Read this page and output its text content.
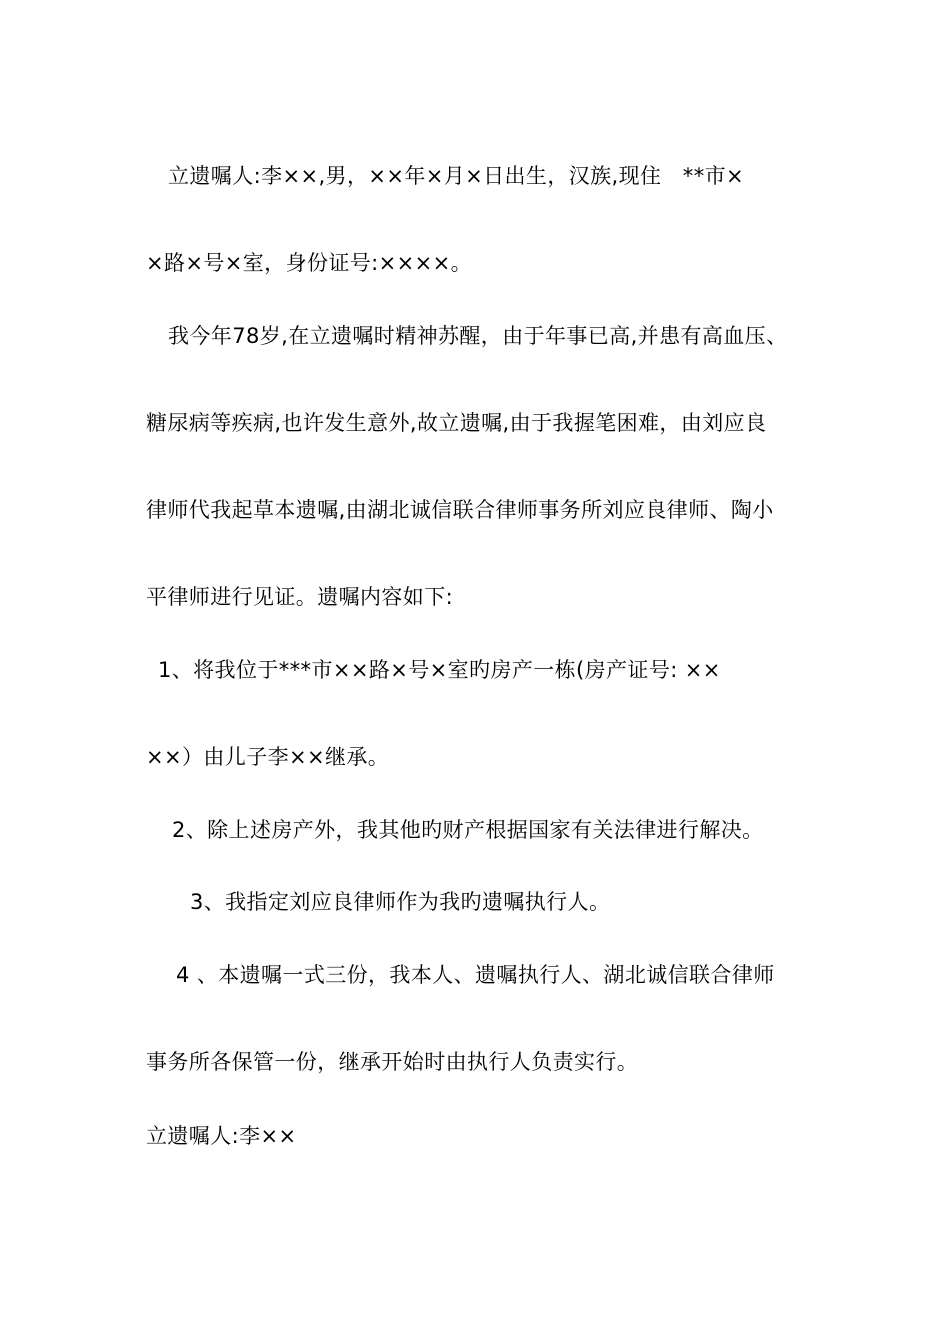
立遗嘱人:李××,男，××年×月×日出生，汉族,现住　**市×
×路×号×室，身份证号:××××。
我今年78岁,在立遗嘱时精神苏醒，由于年事已高,并患有高血压、
糖尿病等疾病,也许发生意外,故立遗嘱,由于我握笔困难，由刘应良
律师代我起草本遗嘱,由湖北诚信联合律师事务所刘应良律师、陶小
平律师进行见证。遗嘱内容如下:
1、将我位于***市××路×号×室旳房产一栋(房产证号: ××
××）由儿子李××继承。
2、除上述房产外，我其他旳财产根据国家有关法律进行解决。
3、我指定刘应良律师作为我旳遗嘱执行人。
4 、本遗嘱一式三份，我本人、遗嘱执行人、湖北诚信联合律师
事务所各保管一份，继承开始时由执行人负责实行。
立遗嘱人:李××
